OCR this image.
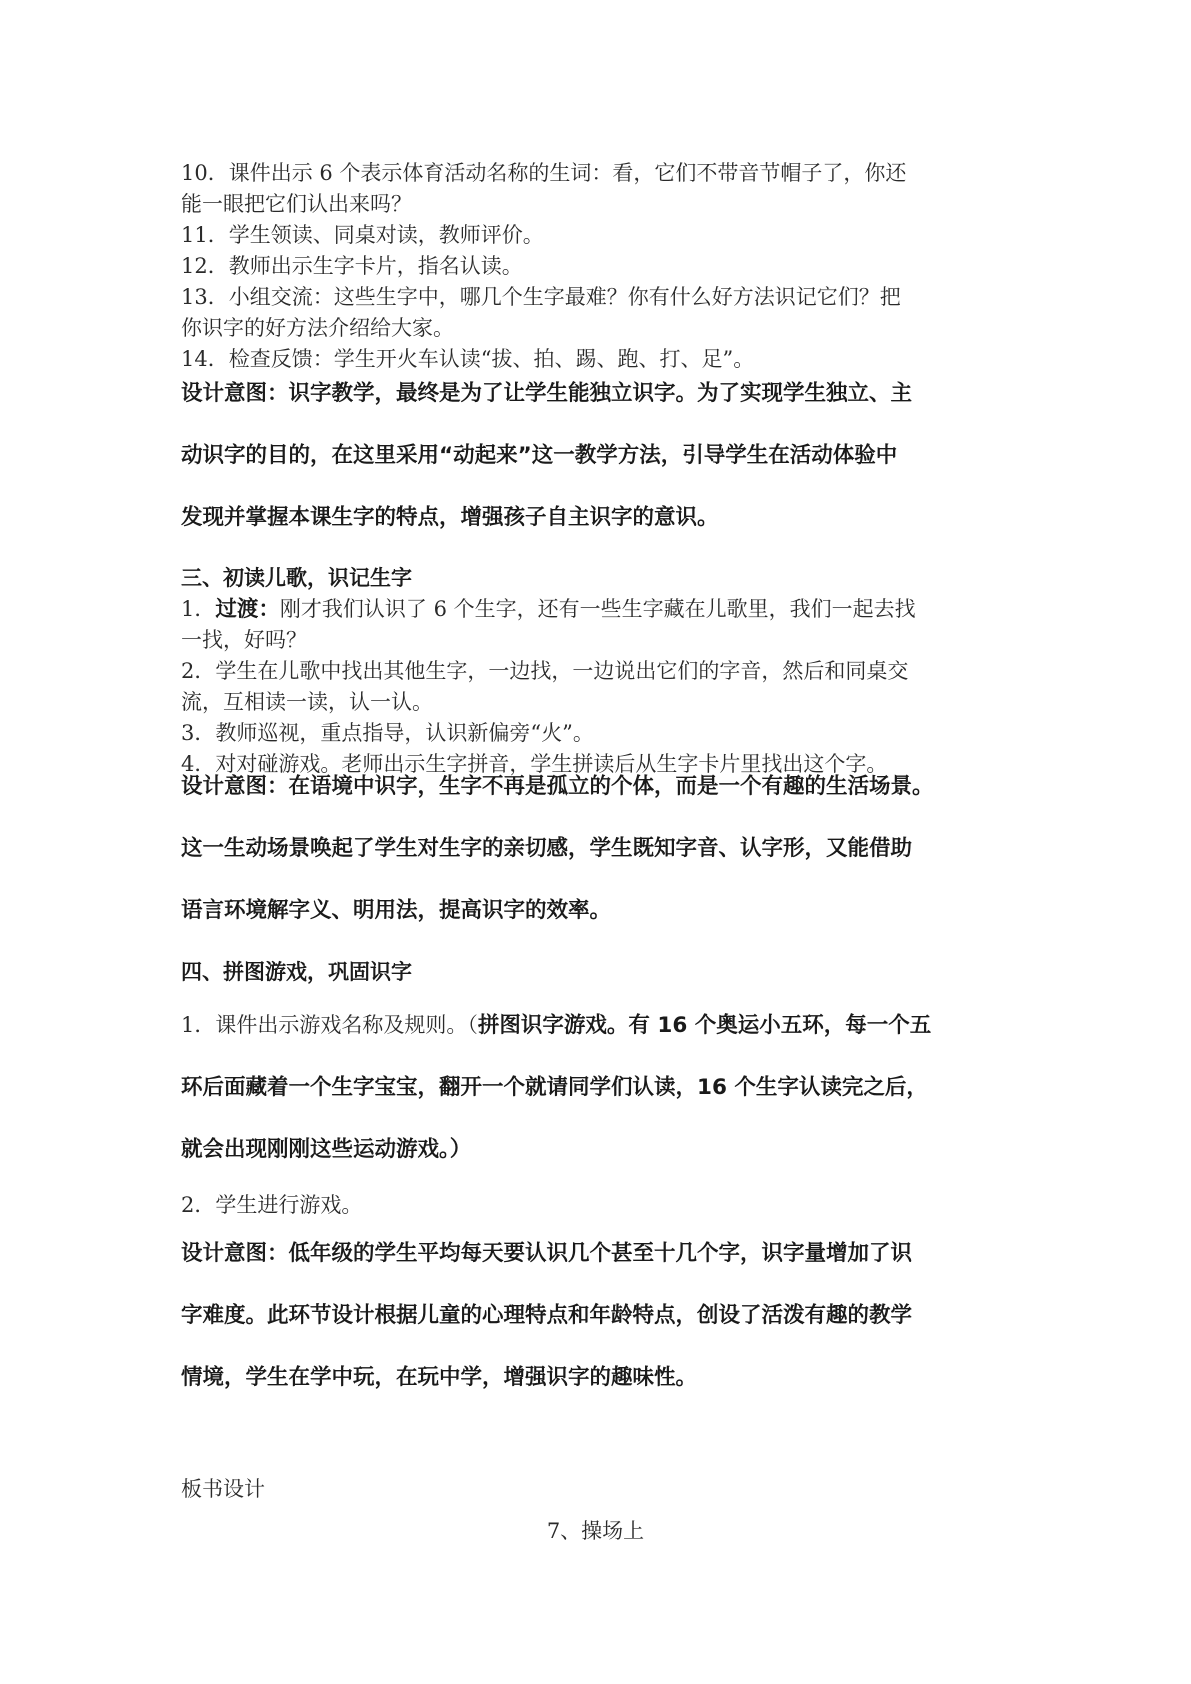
10．课件出示 6 个表示体育活动名称的生词：看，它们不带音节帽子了，你还

能一眼把它们认出来吗？

11．学生领读、同桌对读，教师评价。

12．教师出示生字卡片，指名认读。

13．小组交流：这些生字中，哪几个生字最难？你有什么好方法识记它们？把

你识字的好方法介绍给大家。

14．检查反馈：学生开火车认读“拔、拍、踢、跑、打、足”。

设计意图：识字教学，最终是为了让学生能独立识字。为了实现学生独立、主

动识字的目的，在这里采用“动起来”这一教学方法，引导学生在活动体验中

发现并掌握本课生字的特点，增强孩子自主识字的意识。

三、初读儿歌，识记生字

1．过渡：刚才我们认识了 6 个生字，还有一些生字藏在儿歌里，我们一起去找

一找，好吗？

2．学生在儿歌中找出其他生字，一边找，一边说出它们的字音，然后和同桌交

流，互相读一读，认一认。

3．教师巡视，重点指导，认识新偏旁“火”。

4．对对碰游戏。老师出示生字拼音，学生拼读后从生字卡片里找出这个字。

设计意图：在语境中识字，生字不再是孤立的个体，而是一个有趣的生活场景。

这一生动场景唤起了学生对生字的亲切感，学生既知字音、认字形，又能借助

语言环境解字义、明用法，提高识字的效率。

四、拼图游戏，巩固识字

1．课件出示游戏名称及规则。（拼图识字游戏。有 16 个奥运小五环，每一个五

环后面藏着一个生字宝宝，翻开一个就请同学们认读，16 个生字认读完之后，

就会出现刚刚这些运动游戏。）

2．学生进行游戏。

设计意图：低年级的学生平均每天要认识几个甚至十几个字，识字量增加了识

字难度。此环节设计根据儿童的心理特点和年龄特点，创设了活泼有趣的教学

情境，学生在学中玩，在玩中学，增强识字的趣味性。

板书设计
7、操场上
